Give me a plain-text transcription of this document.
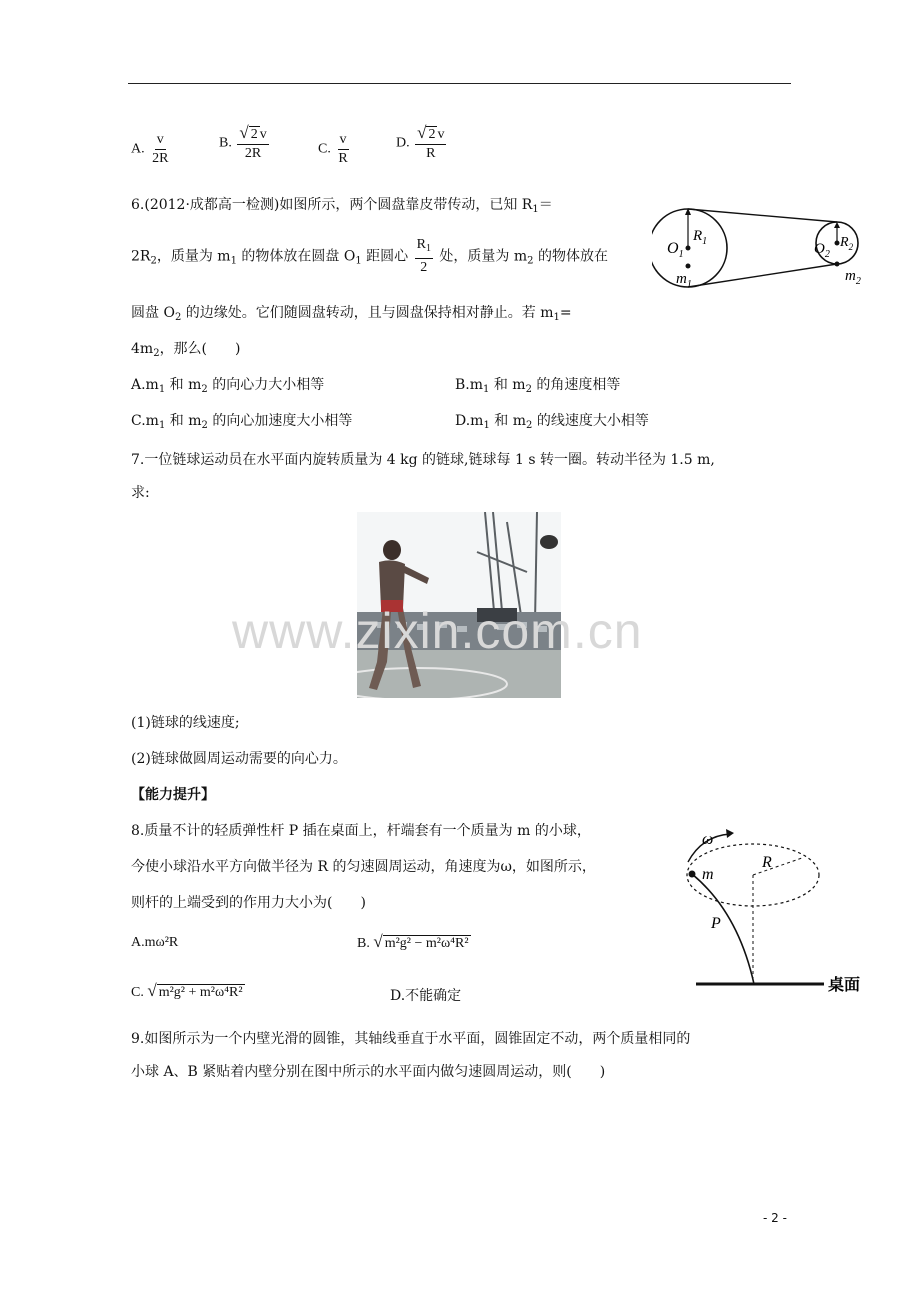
A. $\frac{v}{2R}$	B. $\frac{√ 2 v}{2R}$	C. $\frac{v}{R}$	D. $\frac{√ 2 v}{R}$
6.(2012·成都高一检测)如图所示，两个圆盘靠皮带传动，已知 $R_1=$
$2R_2$，质量为 $m_1$ 的物体放在圆盘 $O_1$ 距圆心 $\frac{R_1}{2}$ 处，质量为 $m_2$ 的物体放在
圆盘 $O_2$ 的边缘处。它们随圆盘转动，且与圆盘保持相对静止。若 $m_1=$
$4m_2$，那么(　　)
$A.m_1$ 和 $m_2$ 的向心力大小相等	$B.m_1$ 和 $m_2$ 的角速度相等
$C.m_1$ 和 $m_2$ 的向心加速度大小相等	$D.m_1$ 和 $m_2$ 的线速度大小相等
$O_1$
$R_1$
$m_1$
$O_2$
$R_2$
$m_2$
7.一位链球运动员在水平面内旋转质量为 4 kg 的链球,链球每 1 s 转一圈。转动半径为 1.5 m,
求:
www.zixin.com.cn
(1)链球的线速度;
(2)链球做圆周运动需要的向心力。
【能力提升】
8.质量不计的轻质弹性杆 P 插在桌面上，杆端套有一个质量为 m 的小球，
今使小球沿水平方向做半径为 R 的匀速圆周运动，角速度为ω，如图所示，
则杆的上端受到的作用力大小为(　　)
A.mω²R	B. √ m²g² − m²ω⁴R²
C. √ m²g² + m²ω⁴R²	D.不能确定
ω
R
m
P
桌面
9.如图所示为一个内壁光滑的圆锥，其轴线垂直于水平面，圆锥固定不动，两个质量相同的
小球 A、B 紧贴着内壁分别在图中所示的水平面内做匀速圆周运动，则(　　)
- 2 -
